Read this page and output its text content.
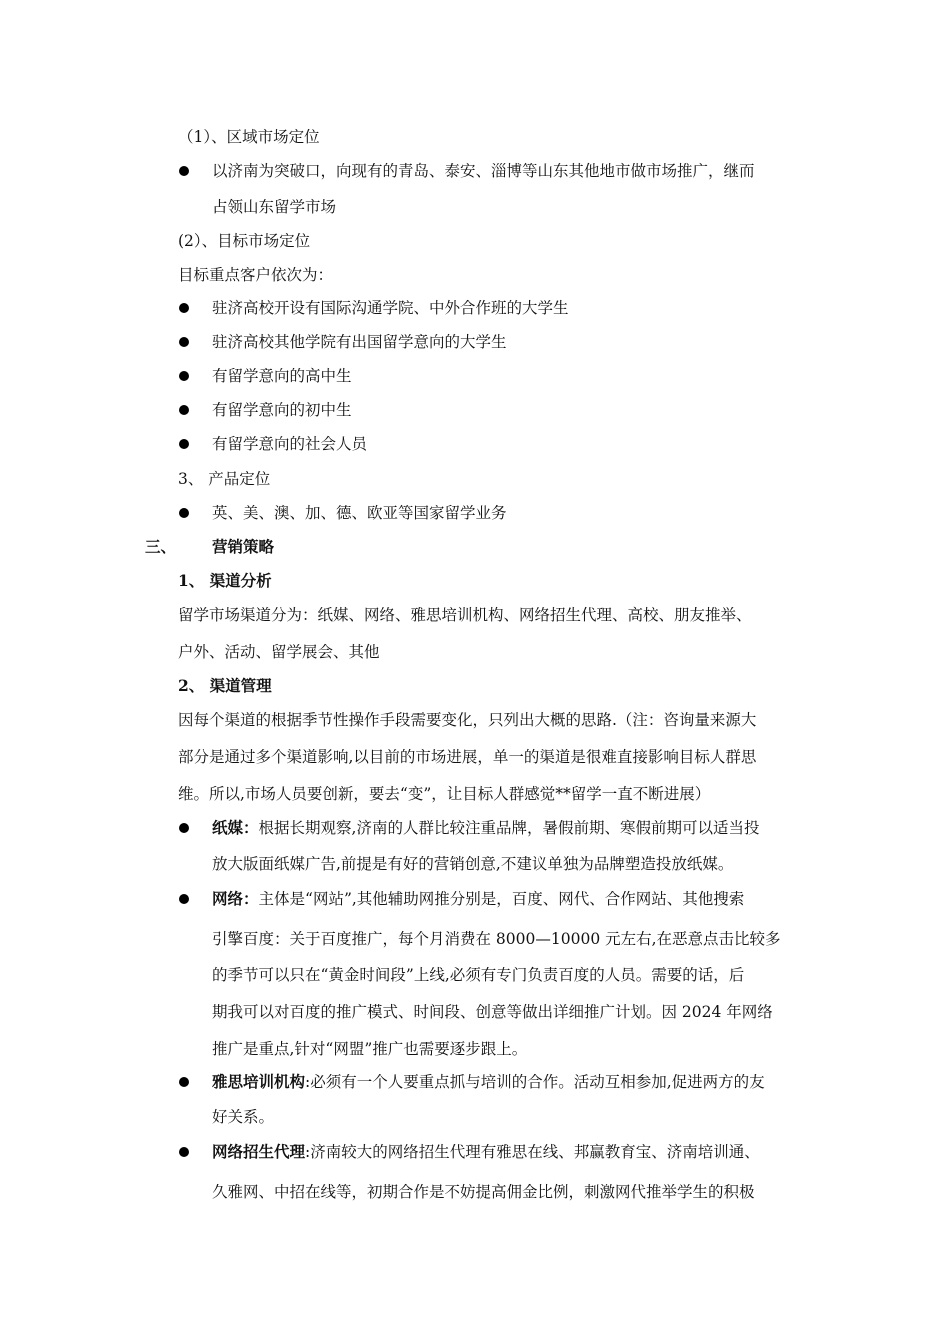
（1）、区域市场定位
以济南为突破口，向现有的青岛、泰安、淄博等山东其他地市做市场推广，继而
占领山东留学市场
(2）、目标市场定位
目标重点客户依次为：
驻济高校开设有国际沟通学院、中外合作班的大学生
驻济高校其他学院有出国留学意向的大学生
有留学意向的高中生
有留学意向的初中生
有留学意向的社会人员
3、 产品定位
英、美、澳、加、德、欧亚等国家留学业务
三、 营销策略
1、 渠道分析
留学市场渠道分为：纸媒、网络、雅思培训机构、网络招生代理、高校、朋友推举、
户外、活动、留学展会、其他
2、 渠道管理
因每个渠道的根据季节性操作手段需要变化，只列出大概的思路.（注：咨询量来源大
部分是通过多个渠道影响,以目前的市场进展，单一的渠道是很难直接影响目标人群思
维。所以,市场人员要创新，要去“变”，让目标人群感觉**留学一直不断进展）
纸媒：根据长期观察,济南的人群比较注重品牌，暑假前期、寒假前期可以适当投
放大版面纸媒广告,前提是有好的营销创意,不建议单独为品牌塑造投放纸媒。
网络：主体是“网站”,其他辅助网推分别是，百度、网代、合作网站、其他搜索
引擎百度：关于百度推广，每个月消费在 8000—10000 元左右,在恶意点击比较多
的季节可以只在“黄金时间段”上线,必须有专门负责百度的人员。需要的话，后
期我可以对百度的推广模式、时间段、创意等做出详细推广计划。因 2024 年网络
推广是重点,针对“网盟”推广也需要逐步跟上。
雅思培训机构:必须有一个人要重点抓与培训的合作。活动互相参加,促进两方的友
好关系。
网络招生代理:济南较大的网络招生代理有雅思在线、邦赢教育宝、济南培训通、
久雅网、中招在线等，初期合作是不妨提高佣金比例，刺激网代推举学生的积极
